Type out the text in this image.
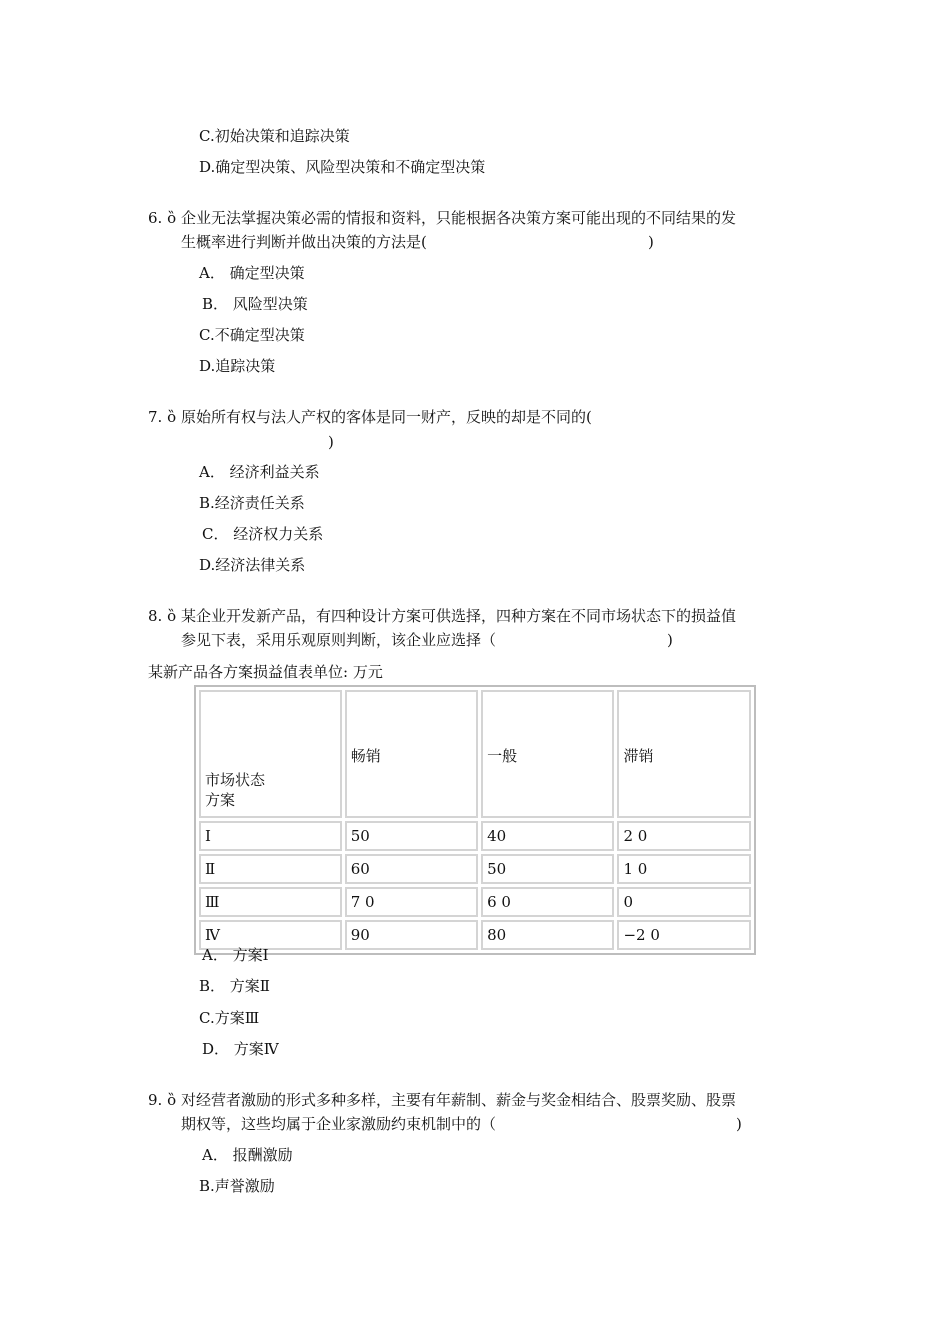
C.初始决策和追踪决策
D.确定型决策、风险型决策和不确定型决策
6. ȍ 企业无法掌握决策必需的情报和资料，只能根据各决策方案可能出现的不同结果的发
生概率进行判断并做出决策的方法是(	)
A． 确定型决策
B． 风险型决策
C.不确定型决策
D.追踪决策
7. ȍ 原始所有权与法人产权的客体是同一财产，反映的却是不同的(
)
A． 经济利益关系
B.经济责任关系
C． 经济权力关系
D.经济法律关系
8. ȍ 某企业开发新产品，有四种设计方案可供选择，四种方案在不同市场状态下的损益值
参见下表，采用乐观原则判断，该企业应选择（	)
某新产品各方案损益值表单位: 万元
市场状态
方案	畅销	一般	滞销

Ⅰ	50	40	2 0
Ⅱ	60	50	1 0
Ⅲ	7 0	6 0	0
Ⅳ	90	80	−2 0
A． 方案Ⅰ
B． 方案Ⅱ
C.方案Ⅲ
D． 方案Ⅳ
9. ȍ 对经营者激励的形式多种多样，主要有年薪制、薪金与奖金相结合、股票奖励、股票
期权等，这些均属于企业家激励约束机制中的（	)
A． 报酬激励
B.声誉激励
